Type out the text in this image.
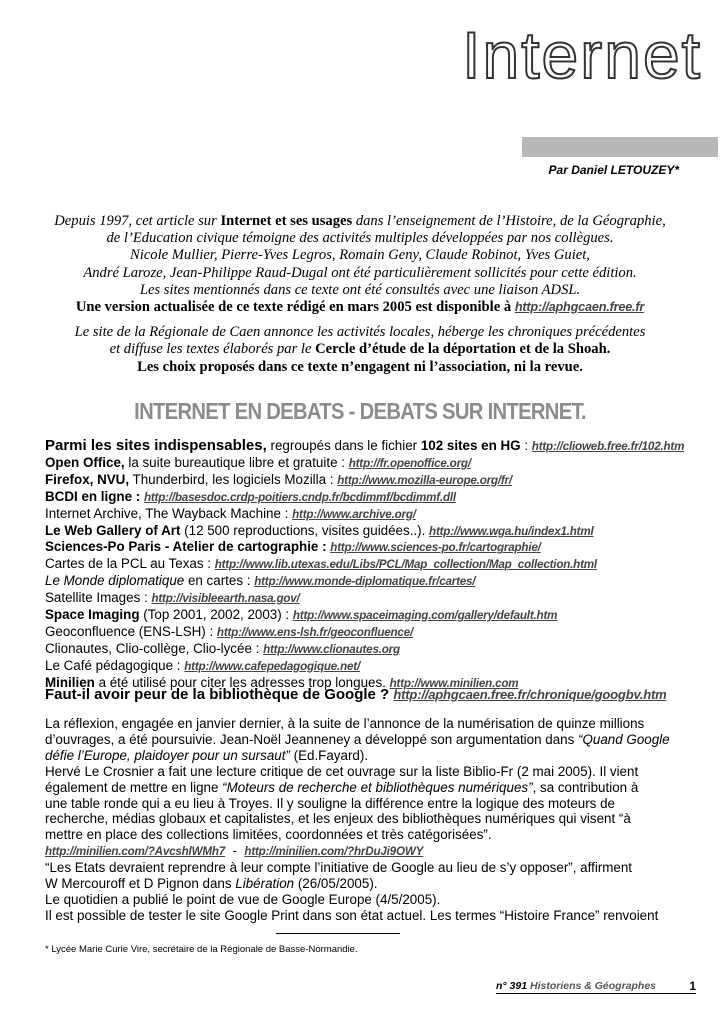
Internet
Par Daniel LETOUZEY*

Depuis 1997, cet article sur Internet et ses usages dans l’enseignement de l’Histoire, de la Géographie,
de l’Education civique témoigne des activités multiples développées par nos collègues.
Nicole Mullier, Pierre-Yves Legros, Romain Geny, Claude Robinot, Yves Guiet,
André Laroze, Jean-Philippe Raud-Dugal ont été particulièrement sollicités pour cette édition.
Les sites mentionnés dans ce texte ont été consultés avec une liaison ADSL.
Une version actualisée de ce texte rédigé en mars 2005 est disponible à http://aphgcaen.free.fr

Le site de la Régionale de Caen annonce les activités locales, héberge les chroniques précédentes
et diffuse les textes élaborés par le Cercle d’étude de la déportation et de la Shoah.
Les choix proposés dans ce texte n’engagent ni l’association, ni la revue.

INTERNET EN DEBATS - DEBATS SUR INTERNET.
Parmi les sites indispensables, regroupés dans le fichier 102 sites en HG : http://clioweb.free.fr/102.htm
Open Office, la suite bureautique libre et gratuite : http://fr.openoffice.org/
Firefox, NVU, Thunderbird, les logiciels Mozilla : http://www.mozilla-europe.org/fr/
BCDI en ligne : http://basesdoc.crdp-poitiers.cndp.fr/bcdimmf/bcdimmf.dll
Internet Archive, The Wayback Machine : http://www.archive.org/
Le Web Gallery of Art (12 500 reproductions, visites guidées..). http://www.wga.hu/index1.html
Sciences-Po Paris - Atelier de cartographie : http://www.sciences-po.fr/cartographie/
Cartes de la PCL au Texas : http://www.lib.utexas.edu/Libs/PCL/Map_collection/Map_collection.html
Le Monde diplomatique en cartes : http://www.monde-diplomatique.fr/cartes/
Satellite Images : http://visibleearth.nasa.gov/
Space Imaging (Top 2001, 2002, 2003) : http://www.spaceimaging.com/gallery/default.htm
Geoconfluence (ENS-LSH) : http://www.ens-lsh.fr/geoconfluence/
Clionautes, Clio-collège, Clio-lycée : http://www.clionautes.org
Le Café pédagogique : http://www.cafepedagogique.net/
Minilien a été utilisé pour citer les adresses trop longues. http://www.minilien.com
Faut-il avoir peur de la bibliothèque de Google ? http://aphgcaen.free.fr/chronique/googbv.htm

La réflexion, engagée en janvier dernier, à la suite de l’annonce de la numérisation de quinze millions
d’ouvrages, a été poursuivie. Jean-Noël Jeanneney a développé son argumentation dans “Quand Google
défie l’Europe, plaidoyer pour un sursaut” (Ed.Fayard).

Hervé Le Crosnier a fait une lecture critique de cet ouvrage sur la liste Biblio-Fr (2 mai 2005). Il vient
également de mettre en ligne “Moteurs de recherche et bibliothèques numériques”, sa contribution à
une table ronde qui a eu lieu à Troyes. Il y souligne la différence entre la logique des moteurs de
recherche, médias globaux et capitalistes, et les enjeux des bibliothèques numériques qui visent “à
mettre en place des collections limitées, coordonnées et très catégorisées”.
http://minilien.com/?AvcshlWMh7  -  http://minilien.com/?hrDuJi9OWY

“Les Etats devraient reprendre à leur compte l’initiative de Google au lieu de s’y opposer”, affirment
W Mercouroff et D Pignon dans Libération (26/05/2005).
Le quotidien a publié le point de vue de Google Europe (4/5/2005).
Il est possible de tester le site Google Print dans son état actuel. Les termes “Histoire France” renvoient

* Lycée Marie Curie Vire, secrétaire de la Régionale de Basse-Normandie.
n° 391 Historiens & Géographes	1
